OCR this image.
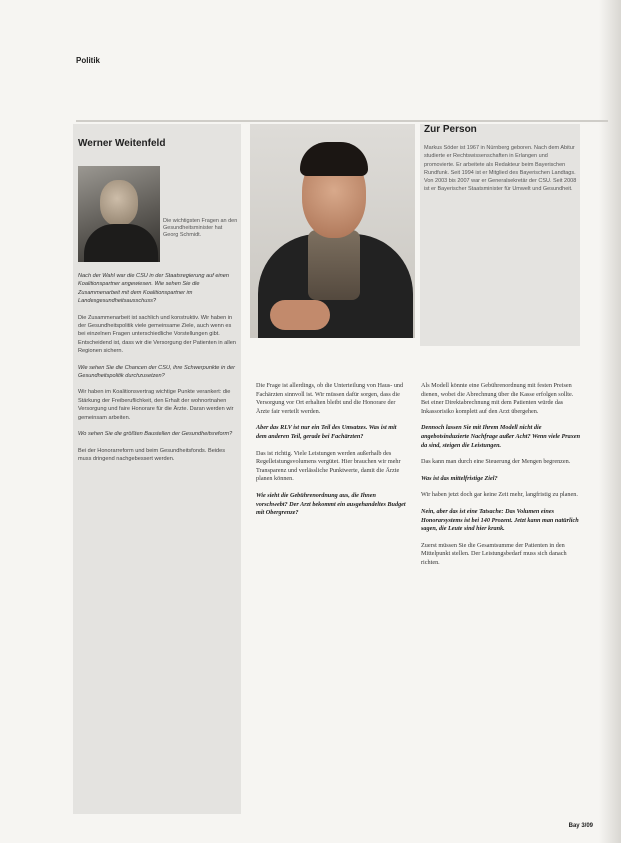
Politik
Werner Weitenfeld
Die wichtigsten Fragen an den Gesundheitsminister hat Georg Schmidt.

Nach der Wahl war die CSU in der Staatsregierung auf einen Koalitionspartner angewiesen. Wie sehen Sie die Zusammenarbeit mit dem Koalitionspartner im Landesgesundheitsausschuss?

Die Zusammenarbeit ist sachlich und konstruktiv. Wir haben in der Gesundheitspolitik viele gemeinsame Ziele, auch wenn es bei einzelnen Fragen unterschiedliche Vorstellungen gibt. Entscheidend ist, dass wir die Versorgung der Patienten in allen Regionen sichern.

Wie sehen Sie die Chancen der CSU, ihre Schwerpunkte in der Gesundheitspolitik durchzusetzen?

Wir haben im Koalitionsvertrag wichtige Punkte verankert: die Stärkung der Freiberuflichkeit, den Erhalt der wohnortnahen Versorgung und faire Honorare für die Ärzte. Daran werden wir gemeinsam arbeiten.

Wo sehen Sie die größten Baustellen der Gesundheitsreform?

Bei der Honorarreform und beim Gesundheitsfonds. Beides muss dringend nachgebessert werden.

Zur Person
Markus Söder ist 1967 in Nürnberg geboren. Nach dem Abitur studierte er Rechtswissenschaften in Erlangen und promovierte. Er arbeitete als Redakteur beim Bayerischen Rundfunk. Seit 1994 ist er Mitglied des Bayerischen Landtags. Von 2003 bis 2007 war er Generalsekretär der CSU. Seit 2008 ist er Bayerischer Staatsminister für Umwelt und Gesundheit.

Die Frage ist allerdings, ob die Unterteilung von Haus- und Fachärzten sinnvoll ist. Wir müssen dafür sorgen, dass die Versorgung vor Ort erhalten bleibt und die Honorare der Ärzte fair verteilt werden.

Aber das RLV ist nur ein Teil des Umsatzes. Was ist mit dem anderen Teil, gerade bei Fachärzten?

Das ist richtig. Viele Leistungen werden außerhalb des Regelleistungsvolumens vergütet. Hier brauchen wir mehr Transparenz und verlässliche Punktwerte, damit die Ärzte planen können.

Wie sieht die Gebührenordnung aus, die Ihnen vorschwebt? Der Arzt bekommt ein ausgehandeltes Budget mit Obergrenze?

Als Modell könnte eine Gebührenordnung mit festen Preisen dienen, wobei die Abrechnung über die Kasse erfolgen sollte. Bei einer Direktabrechnung mit dem Patienten würde das Inkassorisiko komplett auf den Arzt übergehen.

Dennoch lassen Sie mit Ihrem Modell nicht die angebotsinduzierte Nachfrage außer Acht? Wenn viele Praxen da sind, steigen die Leistungen.

Das kann man durch eine Steuerung der Mengen begrenzen.

Was ist das mittelfristige Ziel?

Wir haben jetzt doch gar keine Zeit mehr, langfristig zu planen.

Nein, aber das ist eine Tatsache: Das Volumen eines Honorarsystems ist bei 140 Prozent. Jetzt kann man natürlich sagen, die Leute sind hier krank.

Zuerst müssen Sie die Gesamtsumme der Patienten in den Mittelpunkt stellen. Der Leistungsbedarf muss sich danach richten.

Bay 3/09
